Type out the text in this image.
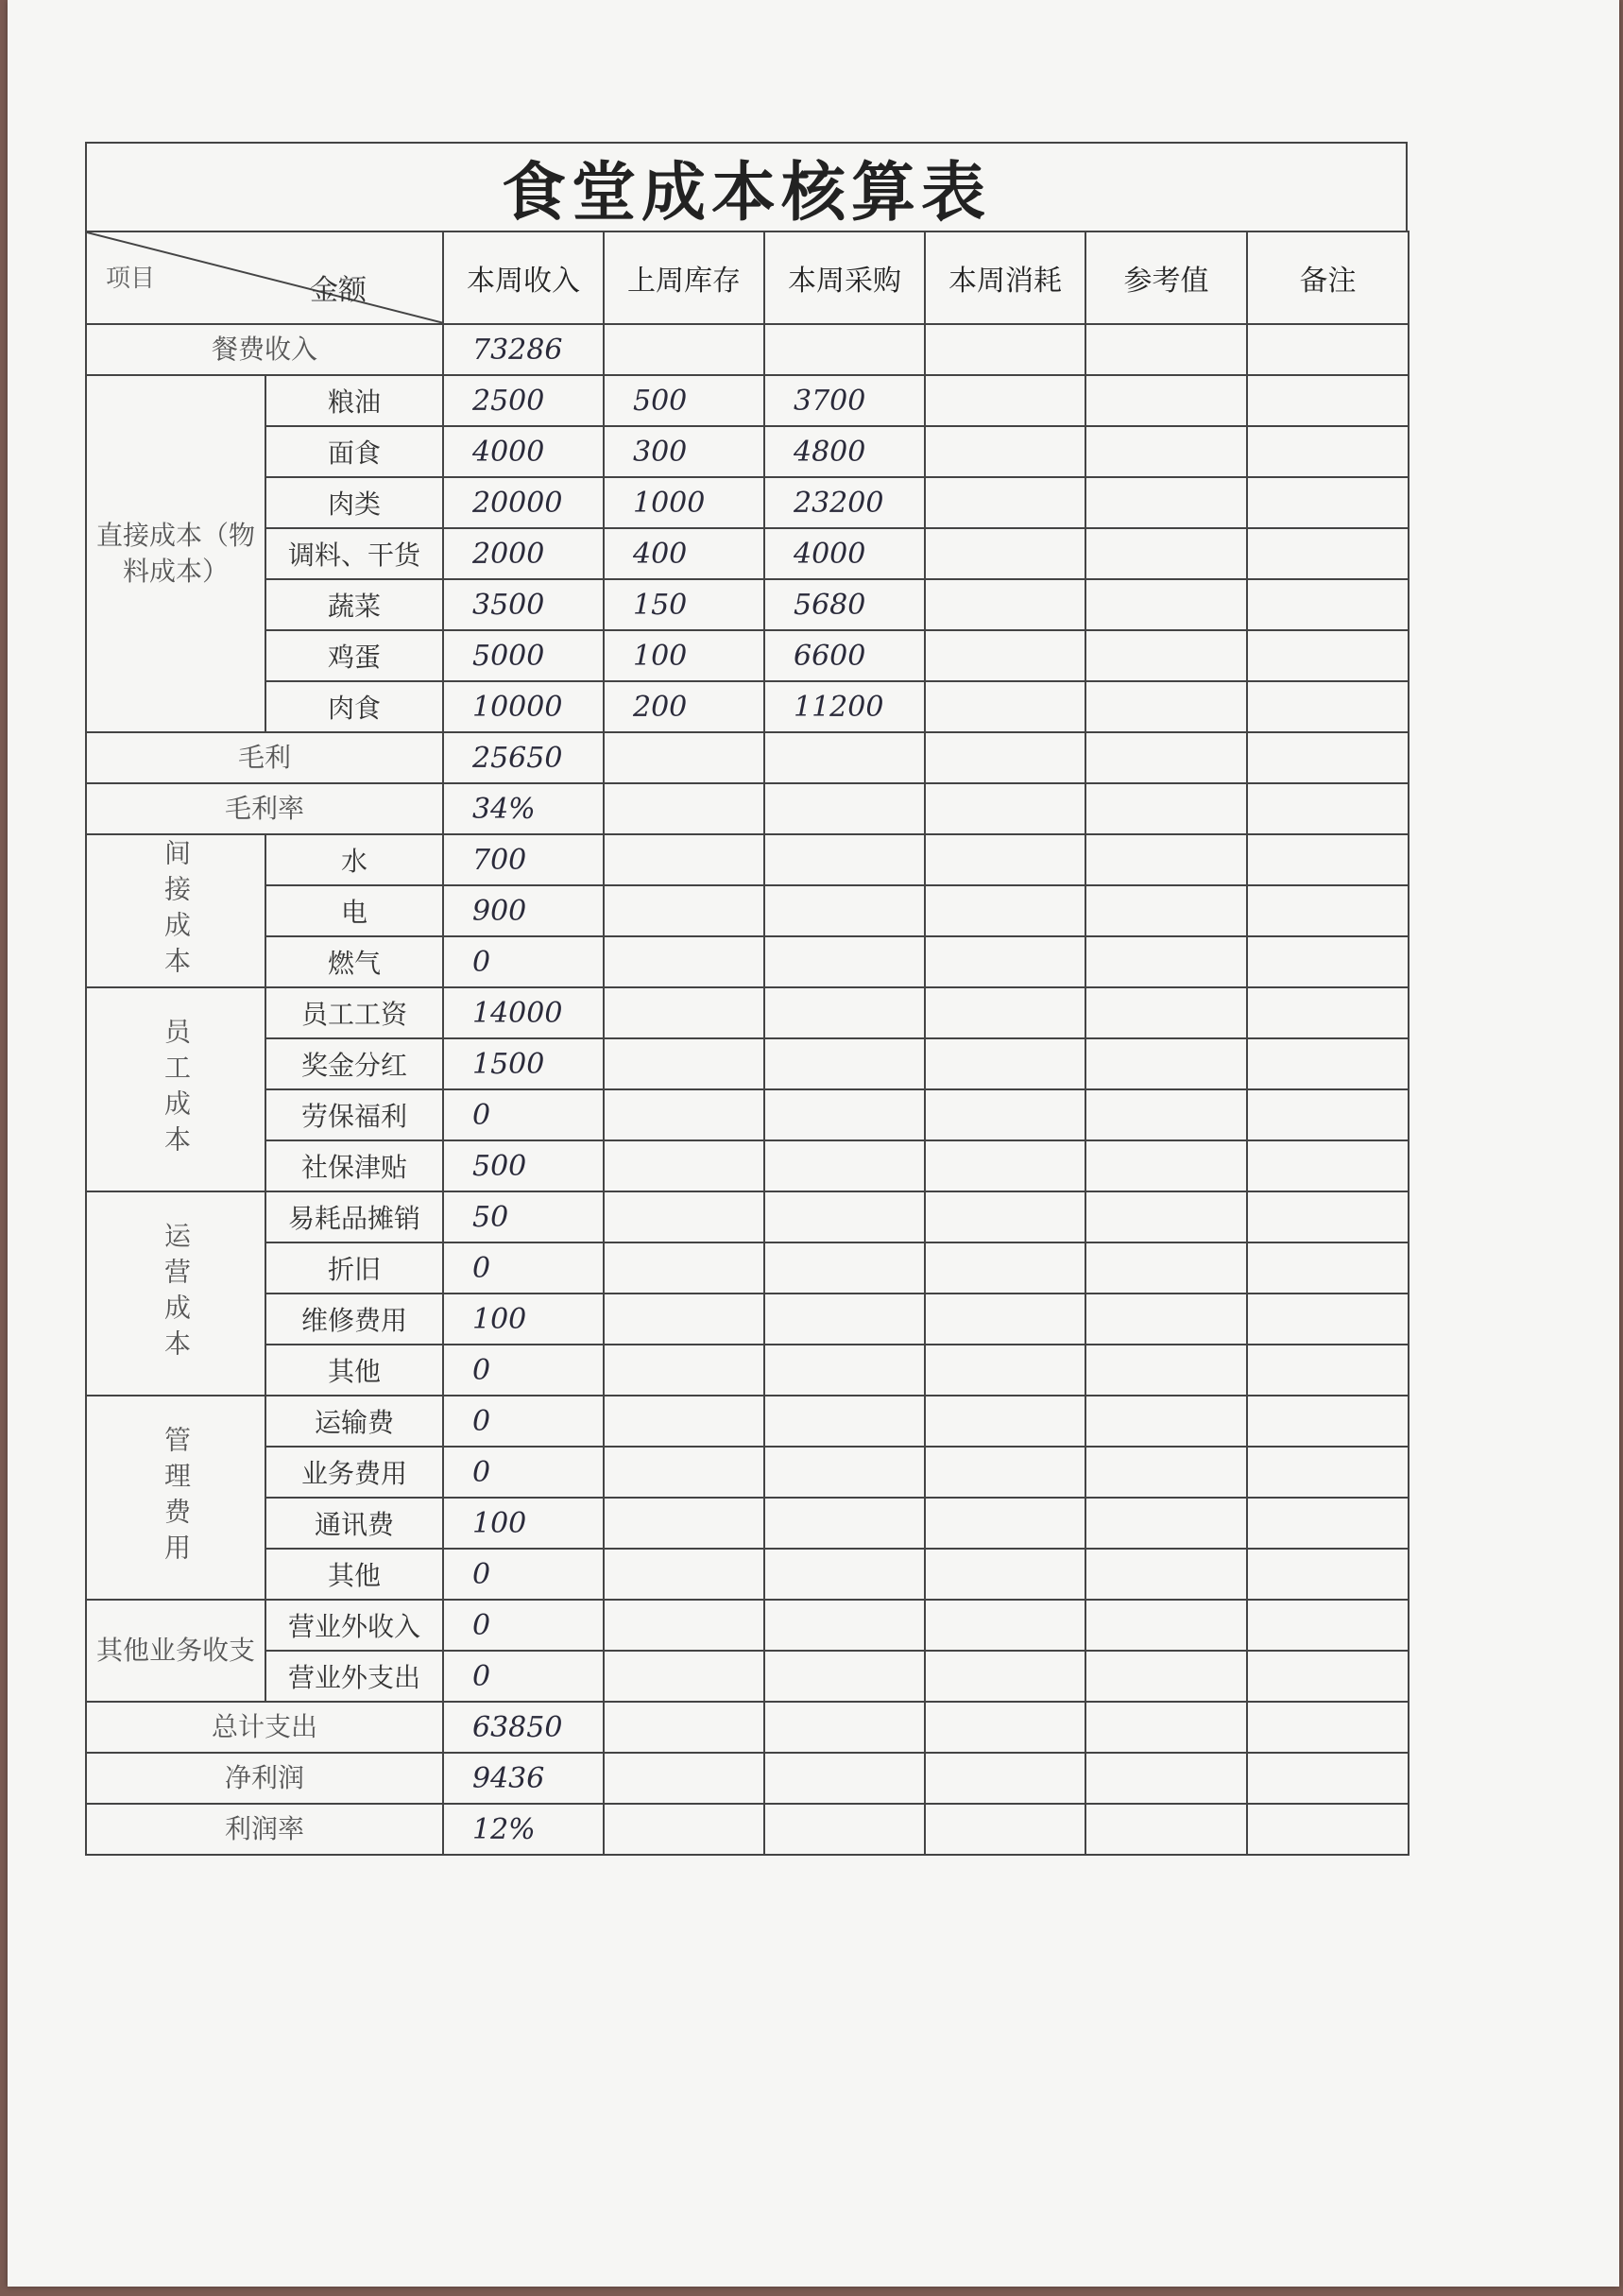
食堂成本核算表
项目 金额		本周收入	上周库存	本周采购	本周消耗	参考值	备注
餐费收入		73286					
直接成本（物料成本）	粮油	2500	500	3700			
	面食	4000	300	4800			
	肉类	20000	1000	23200			
	调料、干货	2000	400	4000			
	蔬菜	3500	150	5680			
	鸡蛋	5000	100	6600			
	肉食	10000	200	11200			
毛利		25650					
毛利率		34%					
间接成本	水	700					
	电	900					
	燃气	0					
员工成本	员工工资	14000					
	奖金分红	1500					
	劳保福利	0					
	社保津贴	500					
运营成本	易耗品摊销	50					
	折旧	0					
	维修费用	100					
	其他	0					
管理费用	运输费	0					
	业务费用	0					
	通讯费	100					
	其他	0					
其他业务收支	营业外收入	0					
	营业外支出	0					
总计支出		63850					
净利润		9436					
利润率		12%					
